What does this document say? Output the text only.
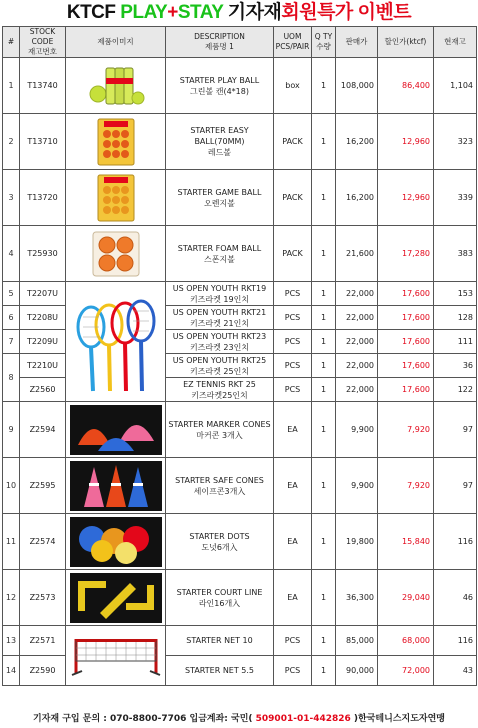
KTCF PLAY+STAY 기자재회원특가 이벤트
#	STOCK CODE
재고번호	제품이미지	DESCRIPTION
제품명 1	UOM
PCS/PAIR	Q TY
수량	판매가	할인가(ktcf)	현재고
1	T13740		STARTER PLAY BALL
그린볼 캔(4*18)	box	1	108,000	86,400	1,104
2	T13710		STARTER EASY BALL(70MM)
레드볼	PACK	1	16,200	12,960	323
3	T13720		STARTER GAME BALL
오렌지볼	PACK	1	16,200	12,960	339
4	T25930		STARTER FOAM BALL
스폰지볼	PACK	1	21,600	17,280	383
5	T2207U		US OPEN YOUTH RKT19
키즈라켓 19인치	PCS	1	22,000	17,600	153
6	T2208U		US OPEN YOUTH RKT21
키즈라켓 21인치	PCS	1	22,000	17,600	128
7	T2209U		US OPEN YOUTH RKT23
키즈라켓 23인치	PCS	1	22,000	17,600	111
8	T2210U		US OPEN YOUTH RKT25
키즈라켓 25인치	PCS	1	22,000	17,600	36
	Z2560		EZ TENNIS RKT 25
키즈라켓25인치	PCS	1	22,000	17,600	122
9	Z2594		STARTER MARKER CONES
마커콘 3개入	EA	1	9,900	7,920	97
10	Z2595		STARTER SAFE CONES
세이프콘3개入	EA	1	9,900	7,920	97
11	Z2574		STARTER DOTS
도넛6개入	EA	1	19,800	15,840	116
12	Z2573		STARTER COURT LINE
라인16개入	EA	1	36,300	29,040	46
13	Z2571		STARTER NET 10	PCS	1	85,000	68,000	116
14	Z2590		STARTER NET 5.5	PCS	1	90,000	72,000	43
기자재 구입 문의 : 070-8800-7706 입금계좌: 국민( 509001-01-442826 )한국테니스지도자연맹
